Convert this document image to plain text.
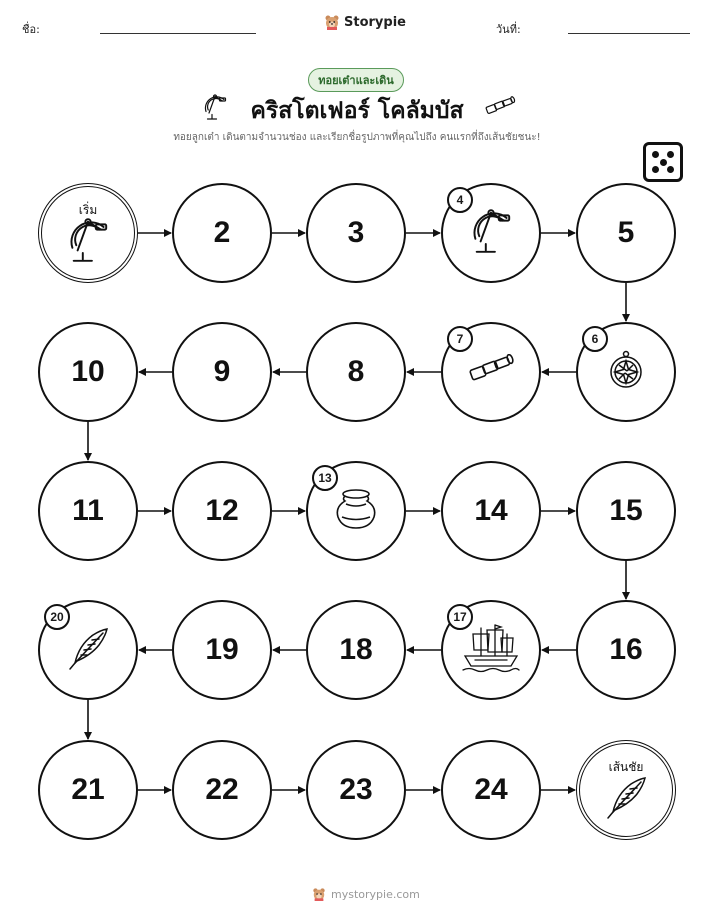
ชื่อ:	Storypie	วันที่:
ทอยเต๋าและเดิน
คริสโตเฟอร์ โคลัมบัส
ทอยลูกเต๋า เดินตามจำนวนช่อง และเรียกชื่อรูปภาพที่คุณไปถึง คนแรกที่ถึงเส้นชัยชนะ!
เริ่ม
2	3
4
5
6
7
8
9
10
11	12
13
14	15
16
17
18
19
20
21	22	23	24
เส้นชัย
mystorypie.com
